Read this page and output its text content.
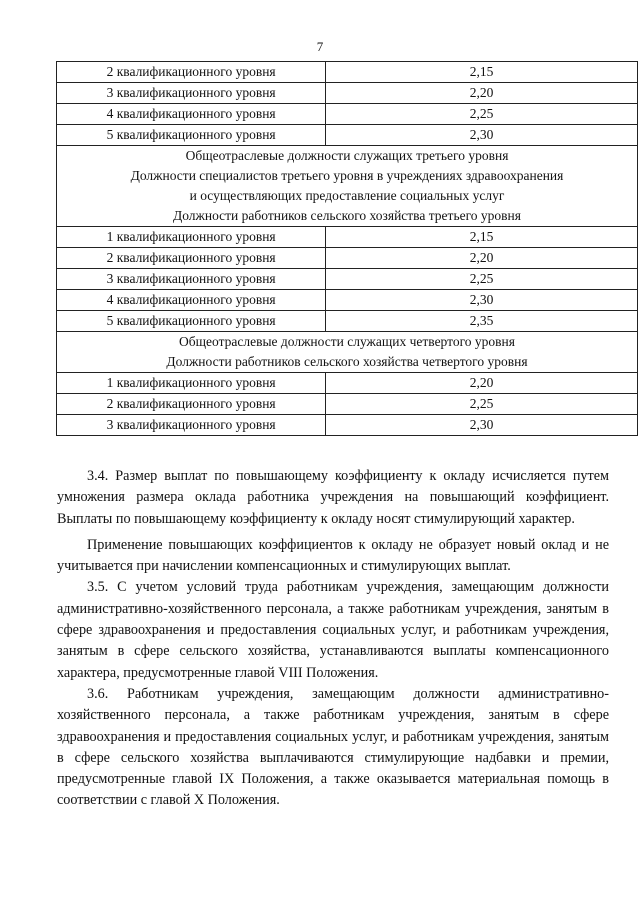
7
2 квалификационного уровня	2,15
3 квалификационного уровня	2,20
4 квалификационного уровня	2,25
5 квалификационного уровня	2,30

Общеотраслевые должности служащих третьего уровня
Должности специалистов третьего уровня в учреждениях здравоохранения
и осуществляющих предоставление социальных услуг
Должности работников сельского хозяйства третьего уровня	

1 квалификационного уровня	2,15
2 квалификационного уровня	2,20
3 квалификационного уровня	2,25
4 квалификационного уровня	2,30
5 квалификационного уровня	2,35

Общеотраслевые должности служащих четвертого уровня
Должности работников сельского хозяйства четвертого уровня	

1 квалификационного уровня	2,20
2 квалификационного уровня	2,25
3 квалификационного уровня	2,30

3.4. Размер выплат по повышающему коэффициенту к окладу исчисляется путем умножения размера оклада работника учреждения на повышающий коэффициент. Выплаты по повышающему коэффициенту к окладу носят стимулирующий характер.

Применение повышающих коэффициентов к окладу не образует новый оклад и не учитывается при начислении компенсационных и стимулирующих выплат.

3.5. С учетом условий труда работникам учреждения, замещающим должности административно-хозяйственного персонала, а также работникам учреждения, занятым в сфере здравоохранения и предоставления социальных услуг, и работникам учреждения, занятым в сфере сельского хозяйства, устанавливаются выплаты компенсационного характера, предусмотренные главой VIII Положения.

3.6. Работникам учреждения, замещающим должности административно-хозяйственного персонала, а также работникам учреждения, занятым в сфере здравоохранения и предоставления социальных услуг, и работникам учреждения, занятым в сфере сельского хозяйства выплачиваются стимулирующие надбавки и премии, предусмотренные главой IX Положения, а также оказывается материальная помощь в соответствии с главой X Положения.
